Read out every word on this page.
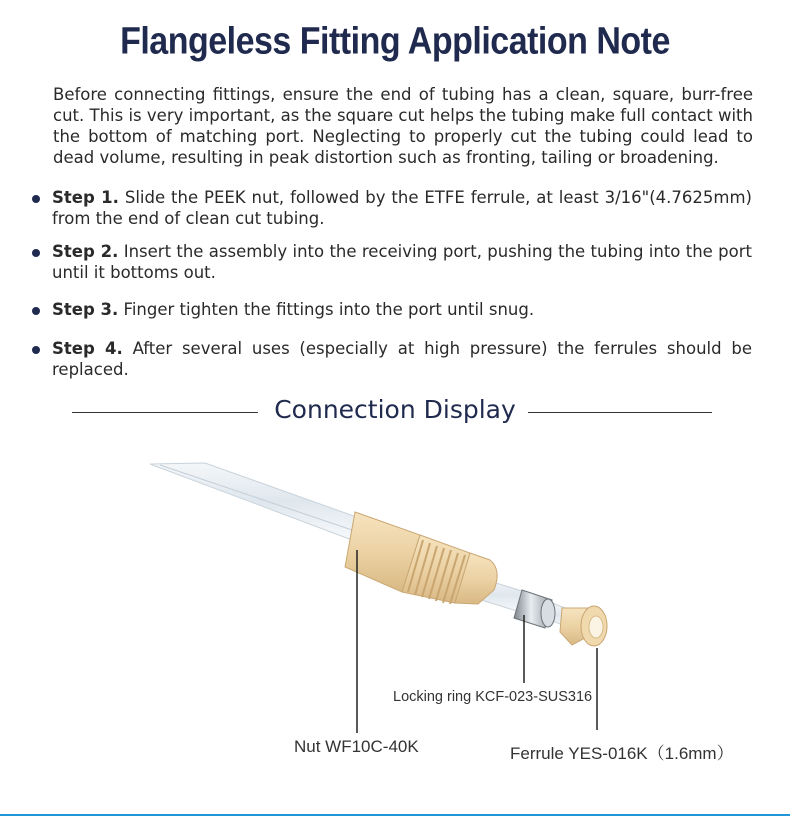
Flangeless Fitting Application Note
Before connecting fittings, ensure the end of tubing has a clean, square, burr-free cut. This is very important, as the square cut helps the tubing make full contact with the bottom of matching port. Neglecting to properly cut the tubing could lead to dead volume, resulting in peak distortion such as fronting, tailing or broadening.
Step 1. Slide the PEEK nut, followed by the ETFE ferrule, at least 3/16"(4.7625mm) from the end of clean cut tubing.
Step 2. Insert the assembly into the receiving port, pushing the tubing into the port until it bottoms out.
Step 3. Finger tighten the fittings into the port until snug.
Step 4. After several uses (especially at high pressure) the ferrules should be replaced.
Connection Display
Locking ring KCF-023-SUS316
Nut WF10C-40K	Ferrule YES-016K（1.6mm）
